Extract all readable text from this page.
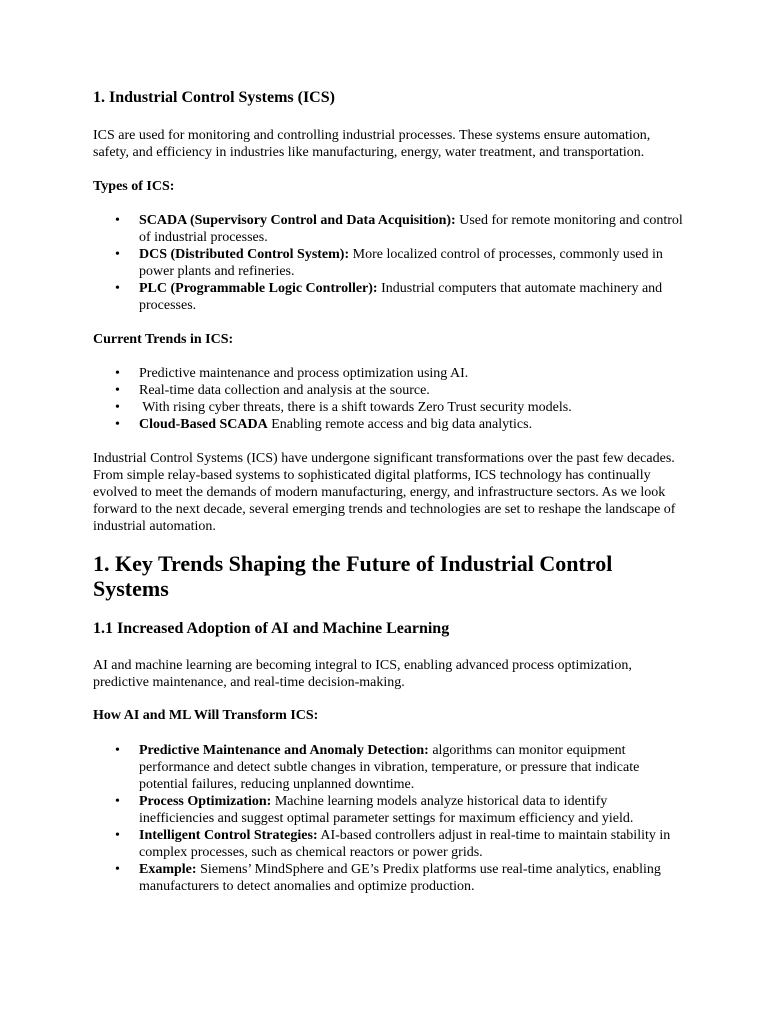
1. Industrial Control Systems (ICS)

ICS are used for monitoring and controlling industrial processes. These systems ensure automation, safety, and efficiency in industries like manufacturing, energy, water treatment, and transportation.

Types of ICS:

• SCADA (Supervisory Control and Data Acquisition): Used for remote monitoring and control of industrial processes.
• DCS (Distributed Control System): More localized control of processes, commonly used in power plants and refineries.
• PLC (Programmable Logic Controller): Industrial computers that automate machinery and processes.

Current Trends in ICS:

• Predictive maintenance and process optimization using AI.
• Real-time data collection and analysis at the source.
•  With rising cyber threats, there is a shift towards Zero Trust security models.
• Cloud-Based SCADA Enabling remote access and big data analytics.

Industrial Control Systems (ICS) have undergone significant transformations over the past few decades. From simple relay-based systems to sophisticated digital platforms, ICS technology has continually evolved to meet the demands of modern manufacturing, energy, and infrastructure sectors. As we look forward to the next decade, several emerging trends and technologies are set to reshape the landscape of industrial automation.

1. Key Trends Shaping the Future of Industrial Control Systems

1.1 Increased Adoption of AI and Machine Learning

AI and machine learning are becoming integral to ICS, enabling advanced process optimization, predictive maintenance, and real-time decision-making.

How AI and ML Will Transform ICS:

• Predictive Maintenance and Anomaly Detection: algorithms can monitor equipment performance and detect subtle changes in vibration, temperature, or pressure that indicate potential failures, reducing unplanned downtime.
• Process Optimization: Machine learning models analyze historical data to identify inefficiencies and suggest optimal parameter settings for maximum efficiency and yield.
• Intelligent Control Strategies: AI-based controllers adjust in real-time to maintain stability in complex processes, such as chemical reactors or power grids.
• Example: Siemens’ MindSphere and GE’s Predix platforms use real-time analytics, enabling manufacturers to detect anomalies and optimize production.
